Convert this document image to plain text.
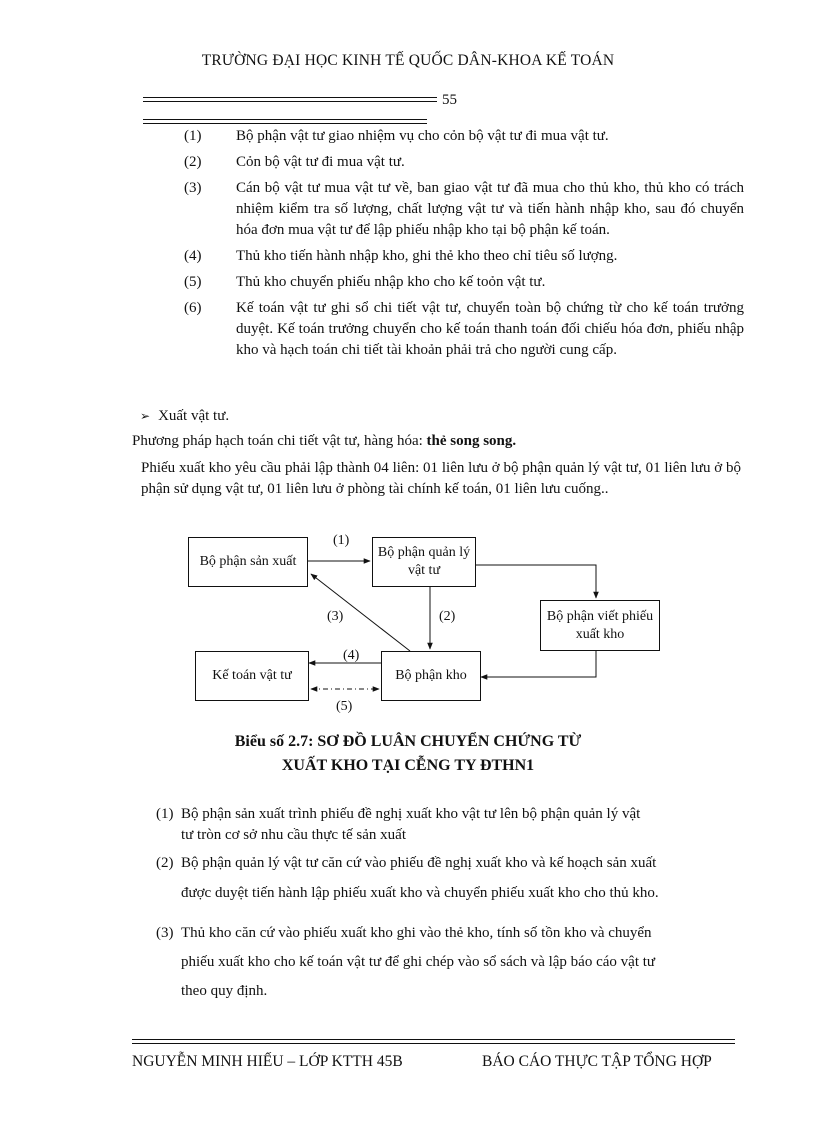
TRƯỜNG ĐẠI HỌC KINH TẾ QUỐC DÂN-KHOA KẾ TOÁN
55
(1)	Bộ phận vật tư giao nhiệm vụ cho cỏn bộ vật tư đi mua vật tư.
(2)	Cỏn bộ vật tư đi mua vật tư.
(3)	Cán bộ vật tư mua vật tư về, ban giao vật tư đã mua cho thủ kho, thủ kho có trách nhiệm kiểm tra số lượng, chất lượng vật tư và tiến hành nhập kho, sau đó chuyển hóa đơn mua vật tư để lập phiếu nhập kho tại bộ phận kế toán.
(4)	Thủ kho tiến hành nhập kho, ghi thẻ kho theo chỉ tiêu số lượng.
(5)	Thủ kho chuyển phiếu nhập kho cho kế toỏn vật tư.
(6)	Kế toán vật tư ghi sổ chi tiết vật tư, chuyển toàn bộ chứng từ cho kế toán trưởng duyệt. Kế toán trưởng chuyển cho kế toán thanh toán đối chiếu hóa đơn, phiếu nhập kho và hạch toán chi tiết tài khoản phải trả cho người cung cấp.
➢ Xuất vật tư.
Phương pháp hạch toán chi tiết vật tư, hàng hóa: thẻ song song.
Phiếu xuất kho yêu cầu phải lập thành 04 liên: 01 liên lưu ở bộ phận quản lý vật tư, 01 liên lưu ở bộ phận sử dụng vật tư, 01 liên lưu ở phòng tài chính kế toán, 01 liên lưu cuống..
Bộ phận sản xuất
Bộ phận quản lý vật tư
Bộ phận viết phiếu xuất kho
Bộ phận kho
Kế toán vật tư
(1)
(2)
(3)
(4)
(5)
Biểu số 2.7: SƠ ĐỒ LUÂN CHUYỂN CHỨNG TỪ
XUẤT KHO TẠI CỄNG TY ĐTHN1
(1) Bộ phận sản xuất trình phiếu đề nghị xuất kho vật tư lên bộ phận quản lý vật
tư tròn cơ sở nhu cầu thực tế sản xuất
(2) Bộ phận quản lý vật tư căn cứ vào phiếu đề nghị xuất kho và kế hoạch sản xuất
được duyệt tiến hành lập phiếu xuất kho và chuyển phiếu xuất kho cho thủ kho.
(3) Thủ kho căn cứ vào phiếu xuất kho ghi vào thẻ kho, tính số tồn kho và chuyển
phiếu xuất kho cho kế toán vật tư để ghi chép vào sổ sách và lập báo cáo vật tư
theo quy định.
NGUYỄN MINH HIẾU – LỚP KTTH 45B	BÁO CÁO THỰC TẬP TỔNG HỢP
